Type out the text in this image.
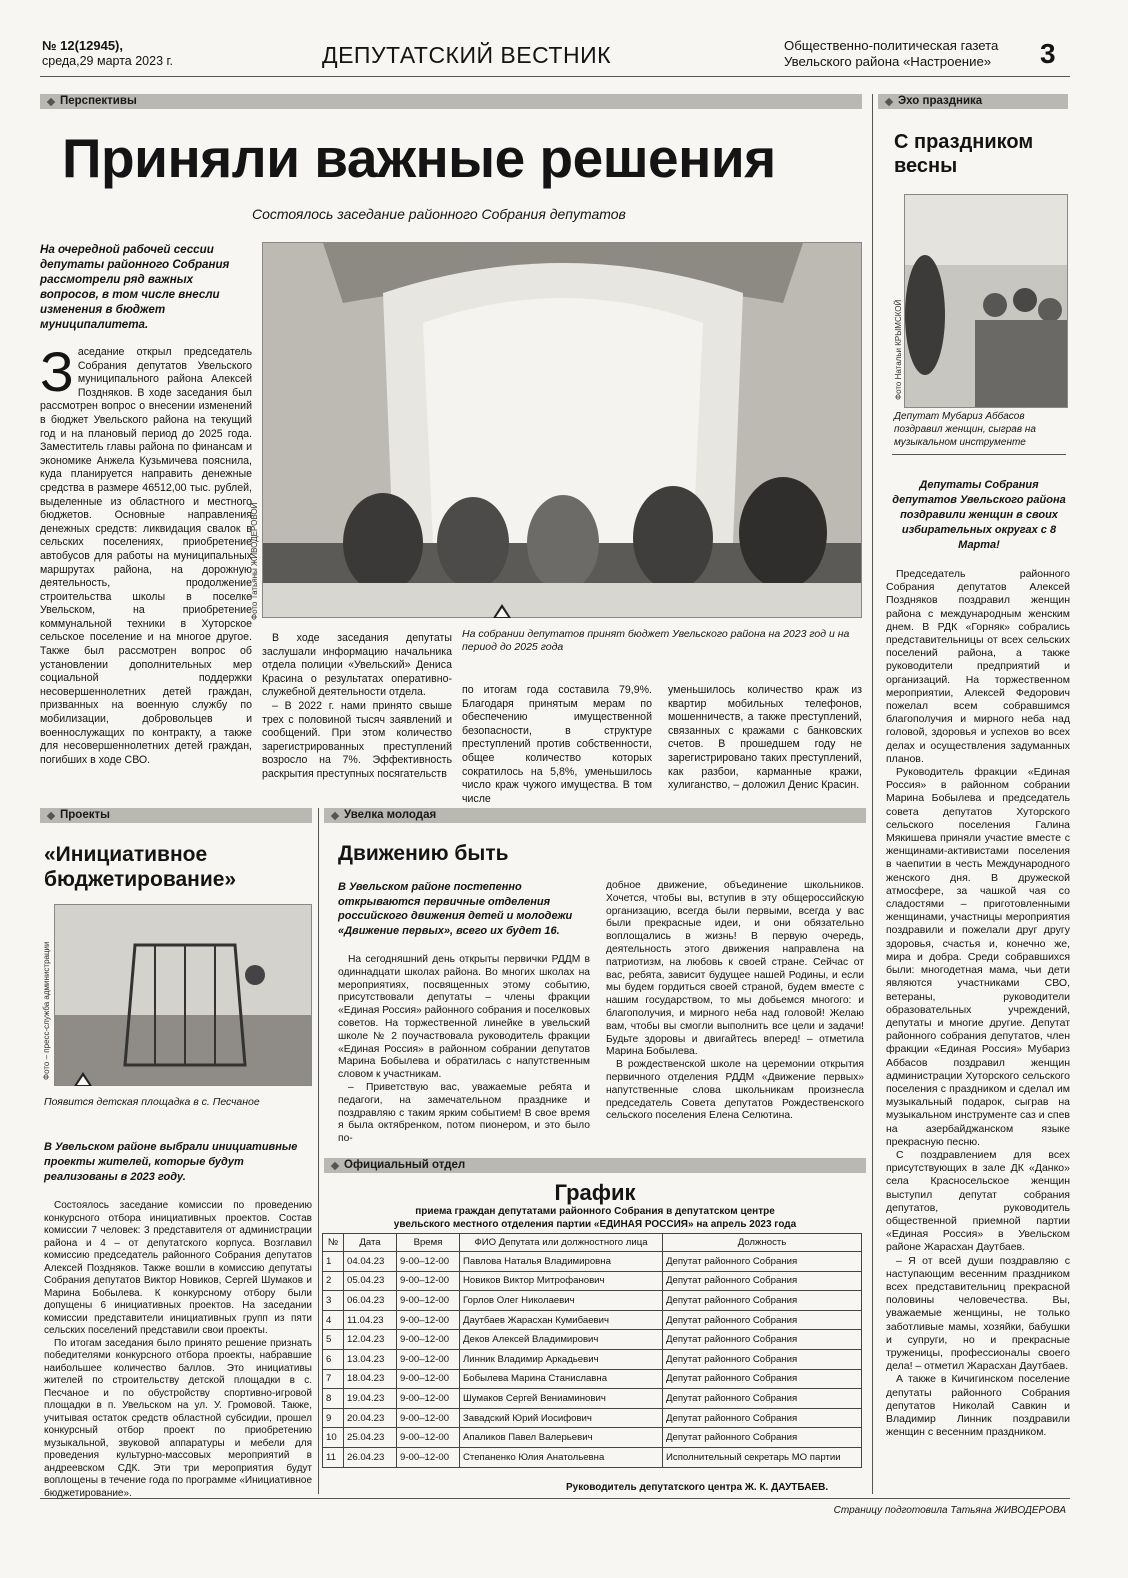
№ 12(12945),
среда,29 марта 2023 г.	ДЕПУТАТСКИЙ ВЕСТНИК	Общественно-политическая газета
Увельского района «Настроение» 3
Перспективы
Приняли важные решения
Состоялось заседание районного Собрания депутатов
На очередной рабочей сессии депутаты районного Собрания рассмотрели ряд важных вопросов, в том числе внесли изменения в бюджет муниципалитета.
З аседание открыл председатель Собрания депутатов Увельского муниципального района Алексей Поздняков. В ходе заседания был рассмотрен вопрос о внесении изменений в бюджет Увельского района на текущий год и на плановый период до 2025 года. Заместитель главы района по финансам и экономике Анжела Кузьмичева пояснила, куда планируется направить денежные средства в размере 46512,00 тыс. рублей, выделенные из областного и местного бюджетов. Основные направления денежных средств: ликвидация свалок в сельских поселениях, приобретение автобусов для работы на муниципальных маршрутах района, на дорожную деятельность, продолжение строительства школы в поселке Увельском, на приобретение коммунальной техники в Хуторское сельское поселение и на многое другое. Также был рассмотрен вопрос об установлении дополнительных мер социальной поддержки несовершеннолетних детей граждан, призванных на военную службу по мобилизации, добровольцев и военнослужащих по контракту, а также для несовершеннолетних детей граждан, погибших в ходе СВО.
Фото Татьяны ЖИВОДЕРОВОЙ
На собрании депутатов принят бюджет Увельского района на 2023 год и на период до 2025 года

В ходе заседания депутаты заслушали информацию начальника отдела полиции «Увельский» Дениса Красина о результатах оперативно-служебной деятельности отдела.

– В 2022 г. нами принято свыше трех с половиной тысяч заявлений и сообщений. При этом количество зарегистрированных преступлений возросло на 7%. Эффективность раскрытия преступных посягательств

по итогам года составила 79,9%. Благодаря принятым мерам по обеспечению имущественной безопасности, в структуре преступлений против собственности, общее количество которых сократилось на 5,8%, уменьшилось число краж чужого имущества. В том числе

уменьшилось количество краж из квартир мобильных телефонов, мошенничеств, а также преступлений, связанных с кражами с банковских счетов. В прошедшем году не зарегистрировано таких преступлений, как разбои, карманные кражи, хулиганство, – доложил Денис Красин.

Эхо праздника
С праздником весны
Фото Натальи КРЫМСКОЙ
Депутат Мубариз Аббасов поздравил женщин, сыграв на музыкальном инструменте
Депутаты Собрания депутатов Увельского района поздравили женщин в своих избирательных округах с 8 Марта!

Председатель районного Собрания депутатов Алексей Поздняков поздравил женщин района с международным женским днем. В РДК «Горняк» собрались представительницы от всех сельских поселений района, а также руководители предприятий и организаций. На торжественном мероприятии, Алексей Федорович пожелал всем собравшимся благополучия и мирного неба над головой, здоровья и успехов во всех делах и осуществления задуманных планов.

Руководитель фракции «Единая Россия» в районном собрании Марина Бобылева и председатель совета депутатов Хуторского сельского поселения Галина Мякишева приняли участие вместе с женщинами-активистами поселения в чаепитии в честь Международного женского дня. В дружеской атмосфере, за чашкой чая со сладостями – приготовленными женщинами, участницы мероприятия поздравили и пожелали друг другу здоровья, счастья и, конечно же, мира и добра. Среди собравшихся были: многодетная мама, чьи дети являются участниками СВО, ветераны, руководители образовательных учреждений, депутаты и многие другие. Депутат районного собрания депутатов, член фракции «Единая Россия» Мубариз Аббасов поздравил женщин администрации Хуторского сельского поселения с праздником и сделал им музыкальный подарок, сыграв на музыкальном инструменте саз и спев на азербайджанском языке прекрасную песню.

С поздравлением для всех присутствующих в зале ДК «Данко» села Красносельское женщин выступил депутат собрания депутатов, руководитель общественной приемной партии «Единая Россия» в Увельском районе Жарасхан Даутбаев.

– Я от всей души поздравляю с наступающим весенним праздником всех представительниц прекрасной половины человечества. Вы, уважаемые женщины, не только заботливые мамы, хозяйки, бабушки и супруги, но и прекрасные труженицы, профессионалы своего дела! – отметил Жарасхан Даутбаев.

А также в Кичигинском поселение депутаты районного Собрания депутатов Николай Савкин и Владимир Линник поздравили женщин с весенним праздником.

Проекты
«Инициативное бюджетирование»
Фото – пресс-служба администрации
Появится детская площадка в с. Песчаное
В Увельском районе выбрали инициативные проекты жителей, которые будут реализованы в 2023 году.

Состоялось заседание комиссии по проведению конкурсного отбора инициативных проектов. Состав комиссии 7 человек: 3 представителя от администрации района и 4 – от депутатского корпуса. Возглавил комиссию председатель районного Собрания депутатов Алексей Поздняков. Также вошли в комиссию депутаты Собрания депутатов Виктор Новиков, Сергей Шумаков и Марина Бобылева. К конкурсному отбору были допущены 6 инициативных проектов. На заседании комиссии представители инициативных групп из пяти сельских поселений представили свои проекты.

По итогам заседания было принято решение признать победителями конкурсного отбора проекты, набравшие наибольшее количество баллов. Это инициативы жителей по строительству детской площадки в с. Песчаное и по обустройству спортивно-игровой площадки в п. Увельском на ул. У. Громовой. Также, учитывая остаток средств областной субсидии, прошел конкурсный отбор проект по приобретению музыкальной, звуковой аппаратуры и мебели для проведения культурно-массовых мероприятий в андреевском СДК. Эти три мероприятия будут воплощены в течение года по программе «Инициативное бюджетирование».

Увелка молодая
Движению быть
В Увельском районе постепенно открываются первичные отделения российского движения детей и молодежи «Движение первых», всего их будет 16.

На сегодняшний день открыты первички РДДМ в одиннадцати школах района. Во многих школах на мероприятиях, посвященных этому событию, присутствовали депутаты – члены фракции «Единая Россия» районного собрания и поселковых советов. На торжественной линейке в увельский школе № 2 поучаствовала руководитель фракции «Единая Россия» в районном собрании депутатов Марина Бобылева и обратилась с напутственным словом к участникам.

– Приветствую вас, уважаемые ребята и педагоги, на замечательном празднике и поздравляю с таким ярким событием! В свое время я была октябренком, потом пионером, и это было по-

добное движение, объединение школьников. Хочется, чтобы вы, вступив в эту общероссийскую организацию, всегда были первыми, всегда у вас были прекрасные идеи, и они обязательно воплощались в жизнь! В первую очередь, деятельность этого движения направлена на патриотизм, на любовь к своей стране. Сейчас от вас, ребята, зависит будущее нашей Родины, и если мы будем гордиться своей страной, будем вместе с нашим государством, то мы добьемся многого: и благополучия, и мирного неба над головой! Желаю вам, чтобы вы смогли выполнить все цели и задачи! Будьте здоровы и двигайтесь вперед! – отметила Марина Бобылева.

В рождественской школе на церемонии открытия первичного отделения РДДМ «Движение первых» напутственные слова школьникам произнесла председатель Совета депутатов Рождественского сельского поселения Елена Селютина.

Официальный отдел
График
приема граждан депутатами районного Собрания в депутатском центре
увельского местного отделения партии «ЕДИНАЯ РОССИЯ» на апрель 2023 года
№	Дата	Время	ФИО Депутата или должностного лица	Должность
1	04.04.23	9-00–12-00	Павлова Наталья Владимировна	Депутат районного Собрания
2	05.04.23	9-00–12-00	Новиков Виктор Митрофанович	Депутат районного Собрания
3	06.04.23	9-00–12-00	Горлов Олег Николаевич	Депутат районного Собрания
4	11.04.23	9-00–12-00	Даутбаев Жарасхан Кумибаевич	Депутат районного Собрания
5	12.04.23	9-00–12-00	Деков Алексей Владимирович	Депутат районного Собрания
6	13.04.23	9-00–12-00	Линник Владимир Аркадьевич	Депутат районного Собрания
7	18.04.23	9-00–12-00	Бобылева Марина Станиславна	Депутат районного Собрания
8	19.04.23	9-00–12-00	Шумаков Сергей Вениаминович	Депутат районного Собрания
9	20.04.23	9-00–12-00	Завадский Юрий Иосифович	Депутат районного Собрания
10	25.04.23	9-00–12-00	Апаликов Павел Валерьевич	Депутат районного Собрания
11	26.04.23	9-00–12-00	Степаненко Юлия Анатольевна	Исполнительный секретарь МО партии
Руководитель депутатского центра Ж. К. ДАУТБАЕВ.
Страницу подготовила Татьяна ЖИВОДЕРОВА
